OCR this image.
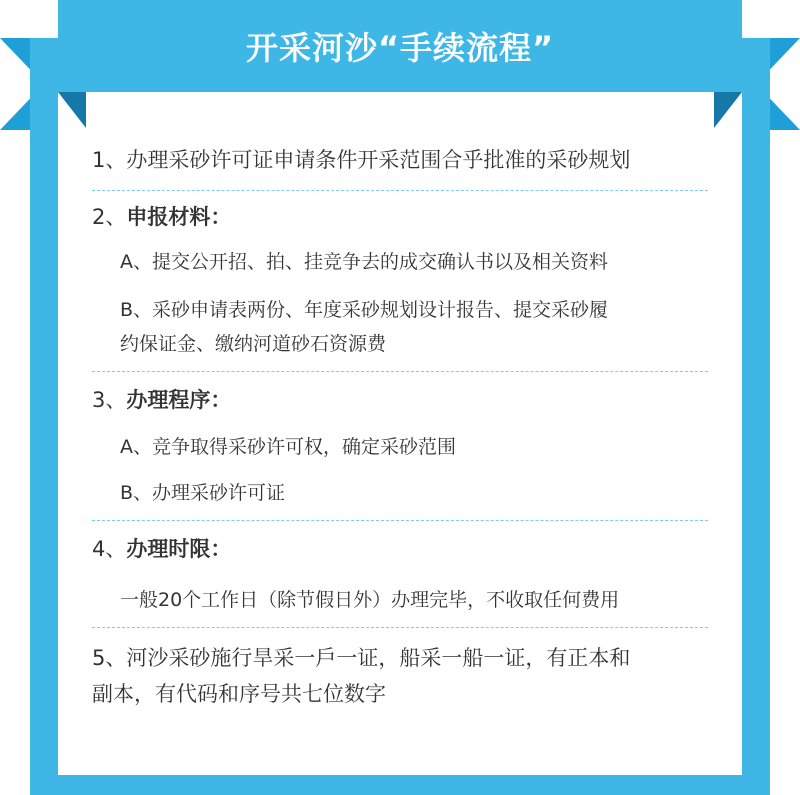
开采河沙“手续流程”
1、办理采砂许可证申请条件开采范围合乎批准的采砂规划
2、申报材料：
A、提交公开招、拍、挂竞争去的成交确认书以及相关资料
B、采砂申请表两份、年度采砂规划设计报告、提交采砂履
约保证金、缴纳河道砂石资源费
3、办理程序：
A、竞争取得采砂许可权，确定采砂范围
B、办理采砂许可证
4、办理时限：
一般20个工作日（除节假日外）办理完毕，不收取任何费用
5、河沙采砂施行旱采一戶一证，船采一船一证，有正本和
副本，有代码和序号共七位数字
